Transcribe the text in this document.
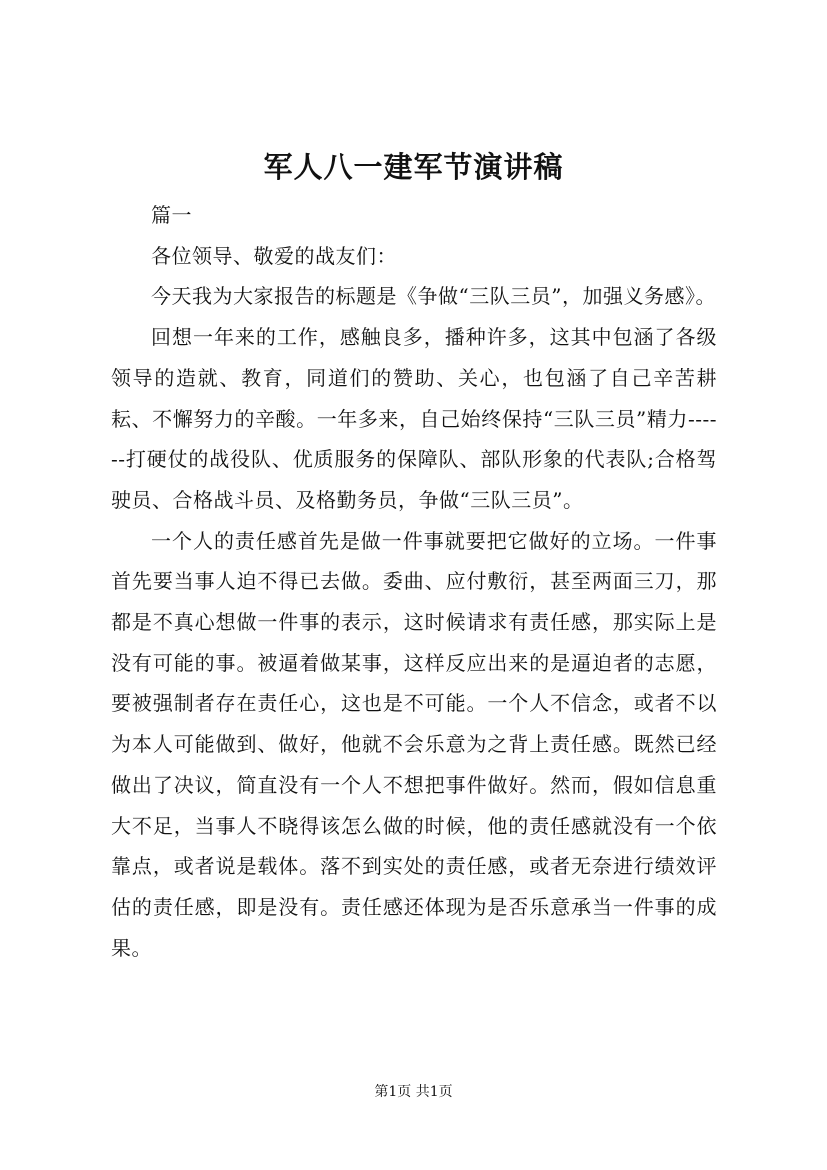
军人八一建军节演讲稿

篇一

各位领导、敬爱的战友们：

今天我为大家报告的标题是《争做“三队三员”，加强义务感》。

回想一年来的工作，感触良多，播种许多，这其中包涵了各级领导的造就、教育，同道们的赞助、关心，也包涵了自己辛苦耕耘、不懈努力的辛酸。一年多来，自己始终保持“三队三员”精力------打硬仗的战役队、优质服务的保障队、部队形象的代表队;合格驾驶员、合格战斗员、及格勤务员，争做“三队三员”。

一个人的责任感首先是做一件事就要把它做好的立场。一件事首先要当事人迫不得已去做。委曲、应付敷衍，甚至两面三刀，那都是不真心想做一件事的表示，这时候请求有责任感，那实际上是没有可能的事。被逼着做某事，这样反应出来的是逼迫者的志愿，要被强制者存在责任心，这也是不可能。一个人不信念，或者不以为本人可能做到、做好，他就不会乐意为之背上责任感。既然已经做出了决议，简直没有一个人不想把事件做好。然而，假如信息重大不足，当事人不晓得该怎么做的时候，他的责任感就没有一个依靠点，或者说是载体。落不到实处的责任感，或者无奈进行绩效评估的责任感，即是没有。责任感还体现为是否乐意承当一件事的成果。

第1页 共1页
